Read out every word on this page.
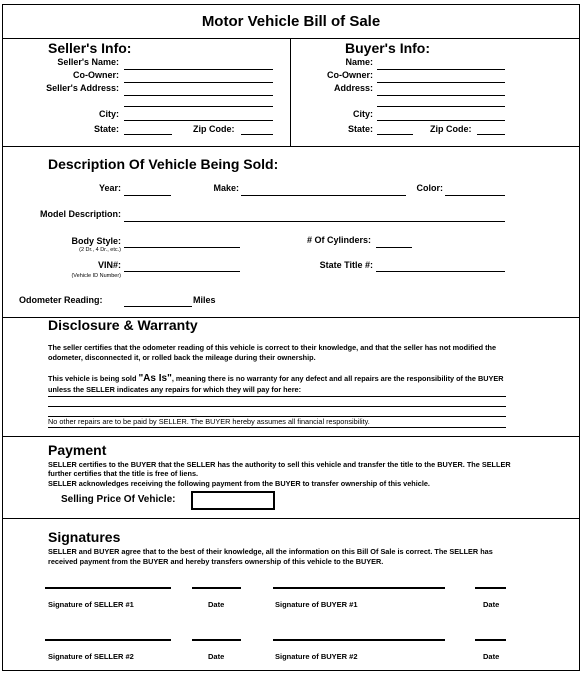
Motor Vehicle Bill of Sale
Seller's Info:
Seller's Name:
Co-Owner:
Seller's Address:
City:
State:	Zip Code:
Buyer's Info:
Name:
Co-Owner:
Address:
City:
State:	Zip Code:
Description Of Vehicle Being Sold:
Year:	Make:	Color:
Model Description:
Body Style:
(2 Dr., 4 Dr., etc.)
# Of Cylinders:
VIN#:
(Vehicle ID Number)
State Title #:
Odometer Reading:	Miles
Disclosure & Warranty
The seller certifies that the odometer reading of this vehicle is correct to their knowledge, and that the seller has not modified the
odometer, disconnected it, or rolled back the mileage during their ownership.
This vehicle is being sold "As Is", meaning there is no warranty for any defect and all repairs are the responsibility of the BUYER
unless the SELLER indicates any repairs for which they will pay for here:
No other repairs are to be paid by SELLER. The BUYER hereby assumes all financial responsibility.
Payment
SELLER certifies to the BUYER that the SELLER has the authority to sell this vehicle and transfer the title to the BUYER. The SELLER
further certifies that the title is free of liens.
SELLER acknowledges receiving the following payment from the BUYER to transfer ownership of this vehicle.
Selling Price Of Vehicle:
Signatures
SELLER and BUYER agree that to the best of their knowledge, all the information on this Bill Of Sale is correct. The SELLER has
received payment from the BUYER and hereby transfers ownership of this vehicle to the BUYER.
Signature of SELLER #1	Date	Signature of BUYER #1	Date
Signature of SELLER #2	Date	Signature of BUYER #2	Date
